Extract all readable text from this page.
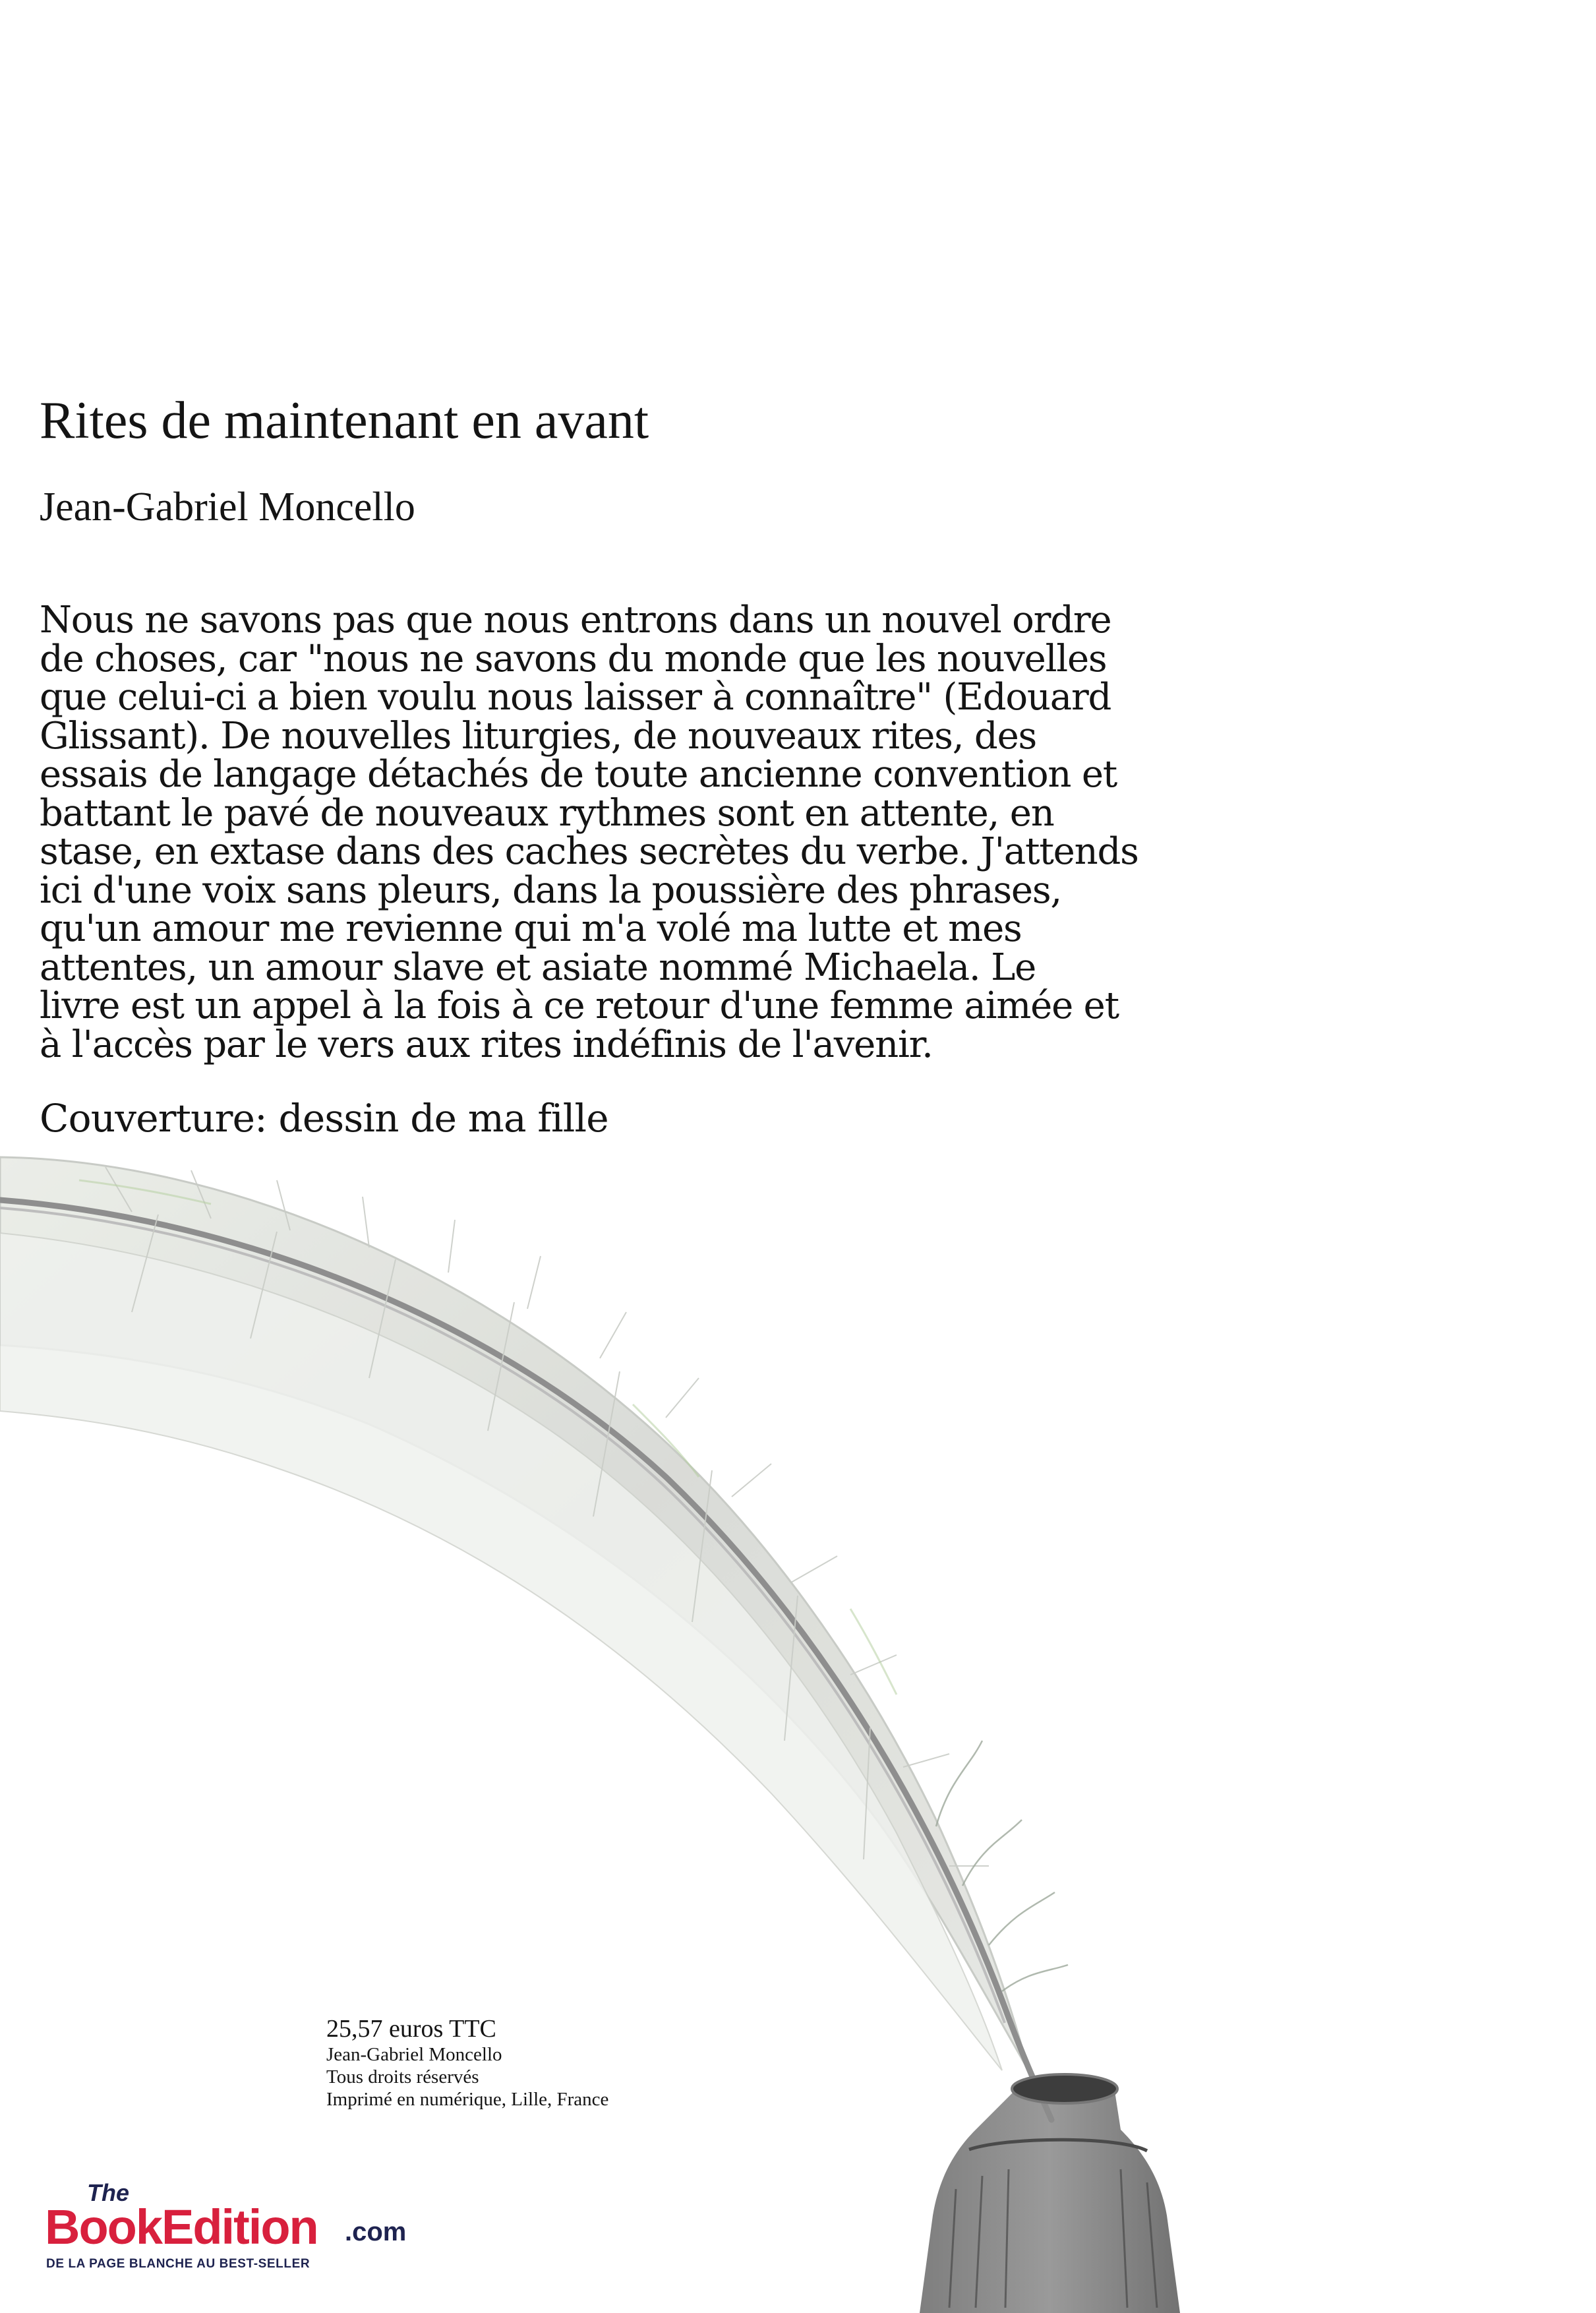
Rites de maintenant en avant
Jean-Gabriel Moncello

Nous ne savons pas que nous entrons dans un nouvel ordre
de choses, car "nous ne savons du monde que les nouvelles
que celui-ci a bien voulu nous laisser à connaître" (Edouard
Glissant). De nouvelles liturgies, de nouveaux rites, des
essais de langage détachés de toute ancienne convention et
battant le pavé de nouveaux rythmes sont en attente, en
stase, en extase dans des caches secrètes du verbe. J'attends
ici d'une voix sans pleurs, dans la poussière des phrases,
qu'un amour me revienne qui m'a volé ma lutte et mes
attentes, un amour slave et asiate nommé Michaela. Le
livre est un appel à la fois à ce retour d'une femme aimée et
à l'accès par le vers aux rites indéfinis de l'avenir.

Couverture: dessin de ma fille
25,57 euros TTC
Jean-Gabriel Moncello
Tous droits réservés
Imprimé en numérique, Lille, France
The
BookEdition .com
DE LA PAGE BLANCHE AU BEST-SELLER
